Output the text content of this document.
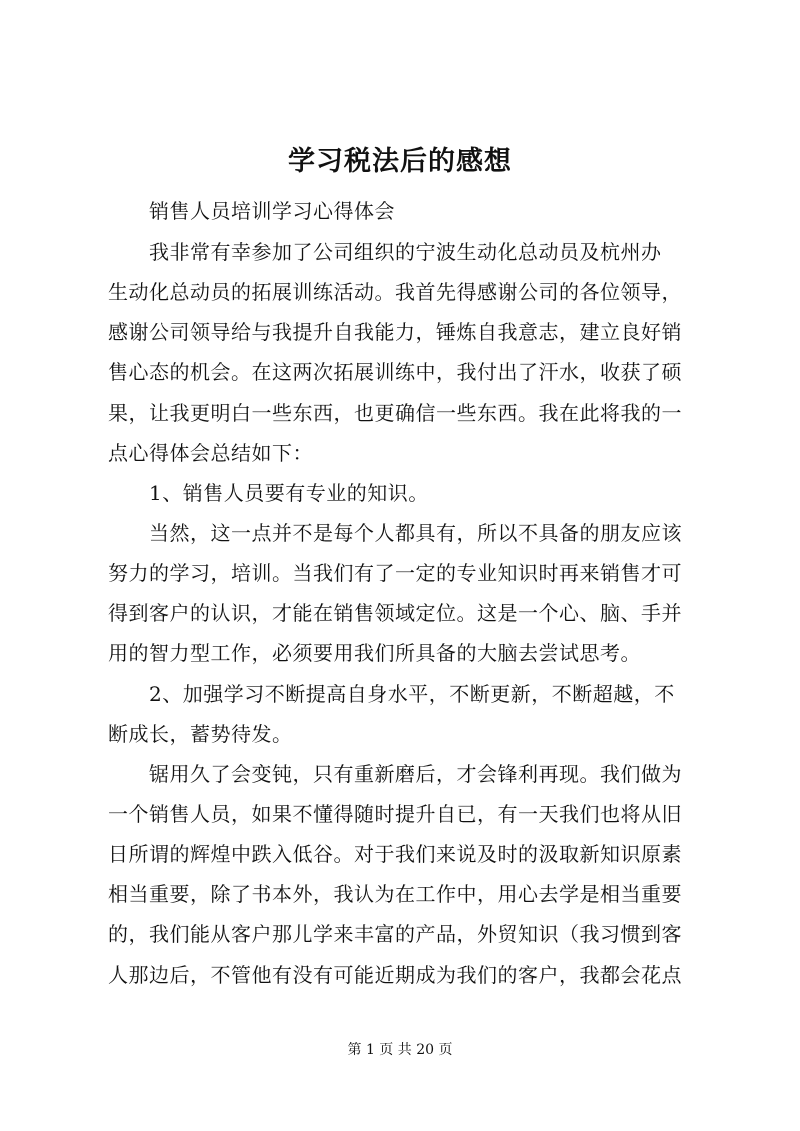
学习税法后的感想
　　销售人员培训学习心得体会
　　我非常有幸参加了公司组织的宁波生动化总动员及杭州办
生动化总动员的拓展训练活动。我首先得感谢公司的各位领导，
感谢公司领导给与我提升自我能力，锤炼自我意志，建立良好销
售心态的机会。在这两次拓展训练中，我付出了汗水，收获了硕
果，让我更明白一些东西，也更确信一些东西。我在此将我的一
点心得体会总结如下：
　　1、销售人员要有专业的知识。
　　当然，这一点并不是每个人都具有，所以不具备的朋友应该
努力的学习，培训。当我们有了一定的专业知识时再来销售才可
得到客户的认识，才能在销售领域定位。这是一个心、脑、手并
用的智力型工作，必须要用我们所具备的大脑去尝试思考。
　　2、加强学习不断提高自身水平，不断更新，不断超越，不
断成长，蓄势待发。
　　锯用久了会变钝，只有重新磨后，才会锋利再现。我们做为
一个销售人员，如果不懂得随时提升自已，有一天我们也将从旧
日所谓的辉煌中跌入低谷。对于我们来说及时的汲取新知识原素
相当重要，除了书本外，我认为在工作中，用心去学是相当重要
的，我们能从客户那儿学来丰富的产品，外贸知识（我习惯到客
人那边后，不管他有没有可能近期成为我们的客户，我都会花点
第 1 页 共 20 页
